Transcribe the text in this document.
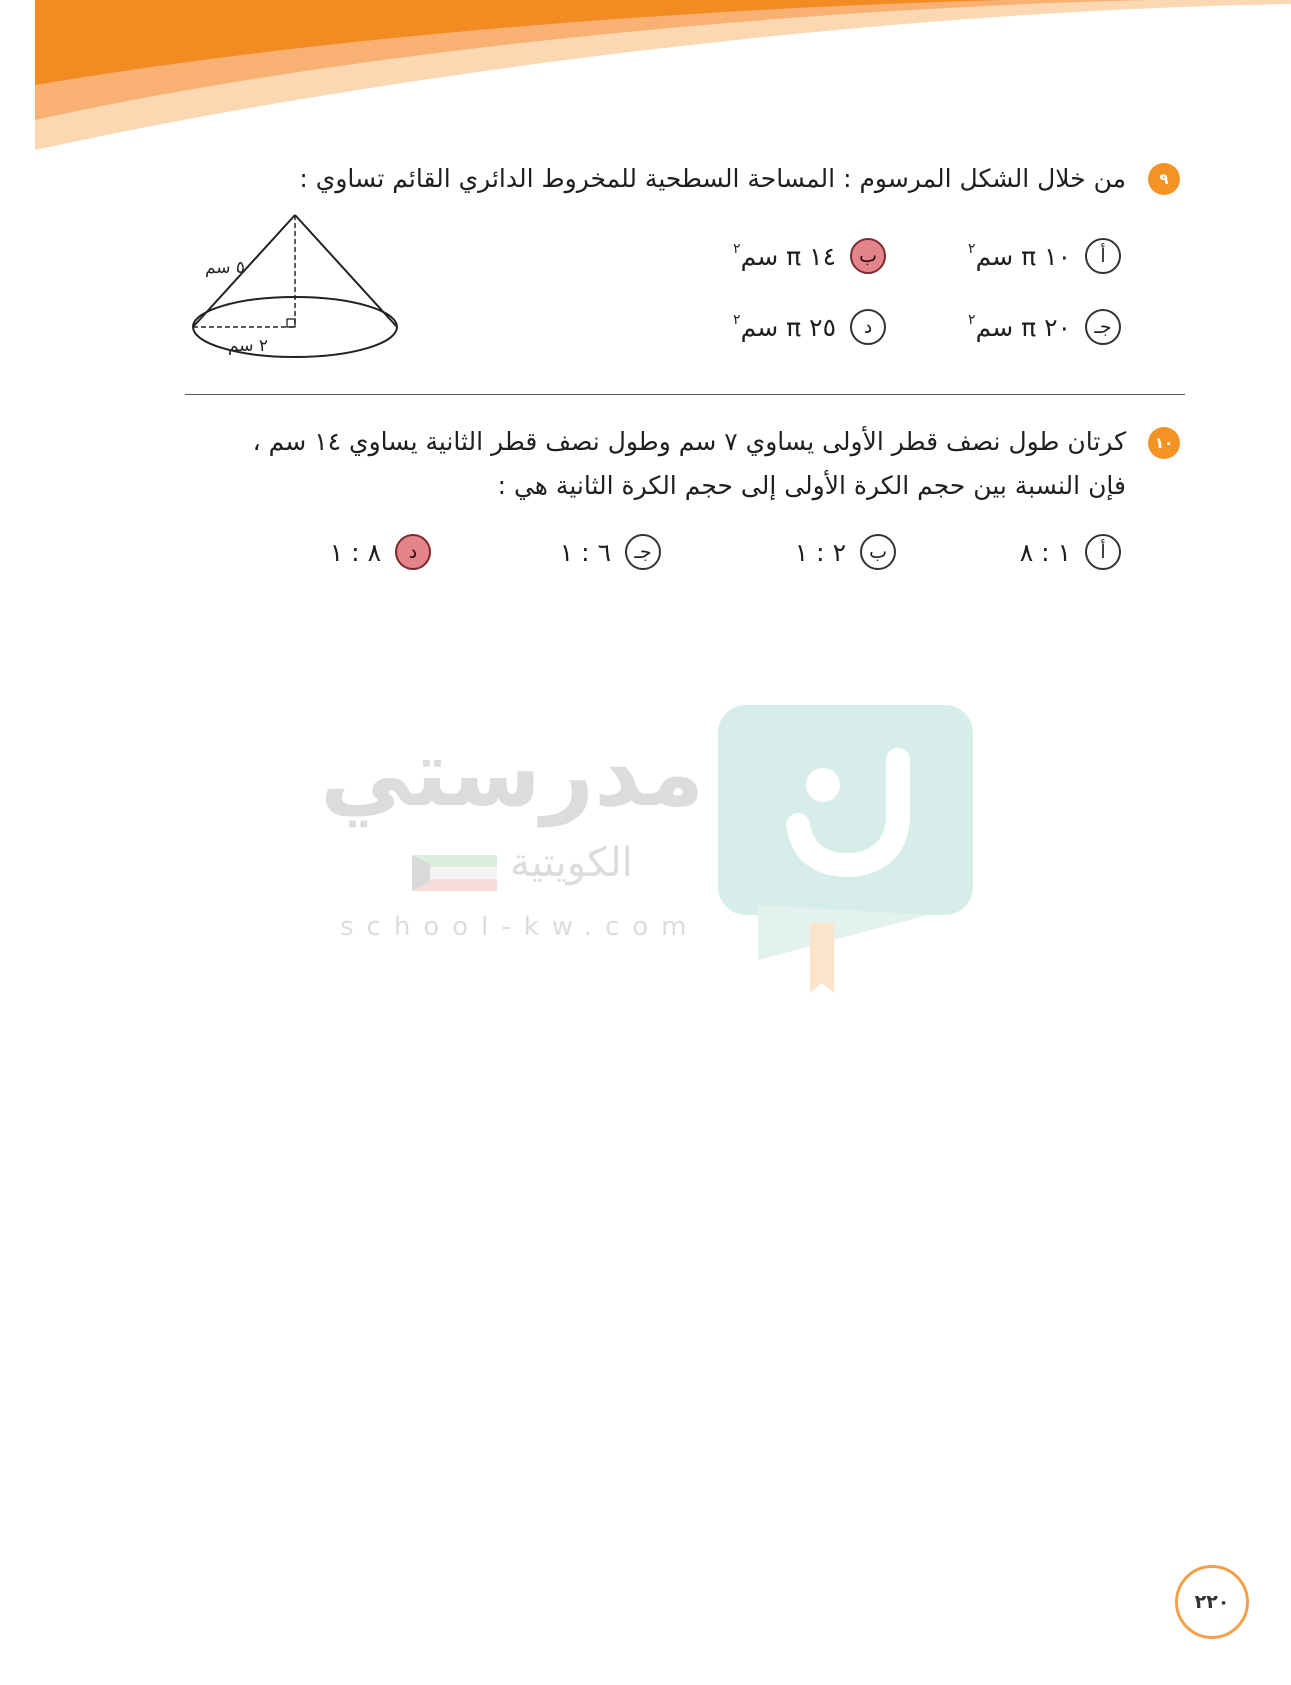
٩
من خلال الشكل المرسوم : المساحة السطحية للمخروط الدائري القائم تساوي :
أ
١٠ π سم$^٢$
ب
١٤ π سم$^٢$
جـ
٢٠ π سم$^٢$
د
٢٥ π سم$^٢$
٥ سم
٢ سم
١٠
كرتان طول نصف قطر الأولى يساوي ٧ سم وطول نصف قطر الثانية يساوي ١٤ سم ،
فإن النسبة بين حجم الكرة الأولى إلى حجم الكرة الثانية هي :
أ
١ : ٨
ب
٢ : ١
جـ
٦ : ١
د
٨ : ١
مدرستي
الكويتية
school-kw.com
٢٢٠
